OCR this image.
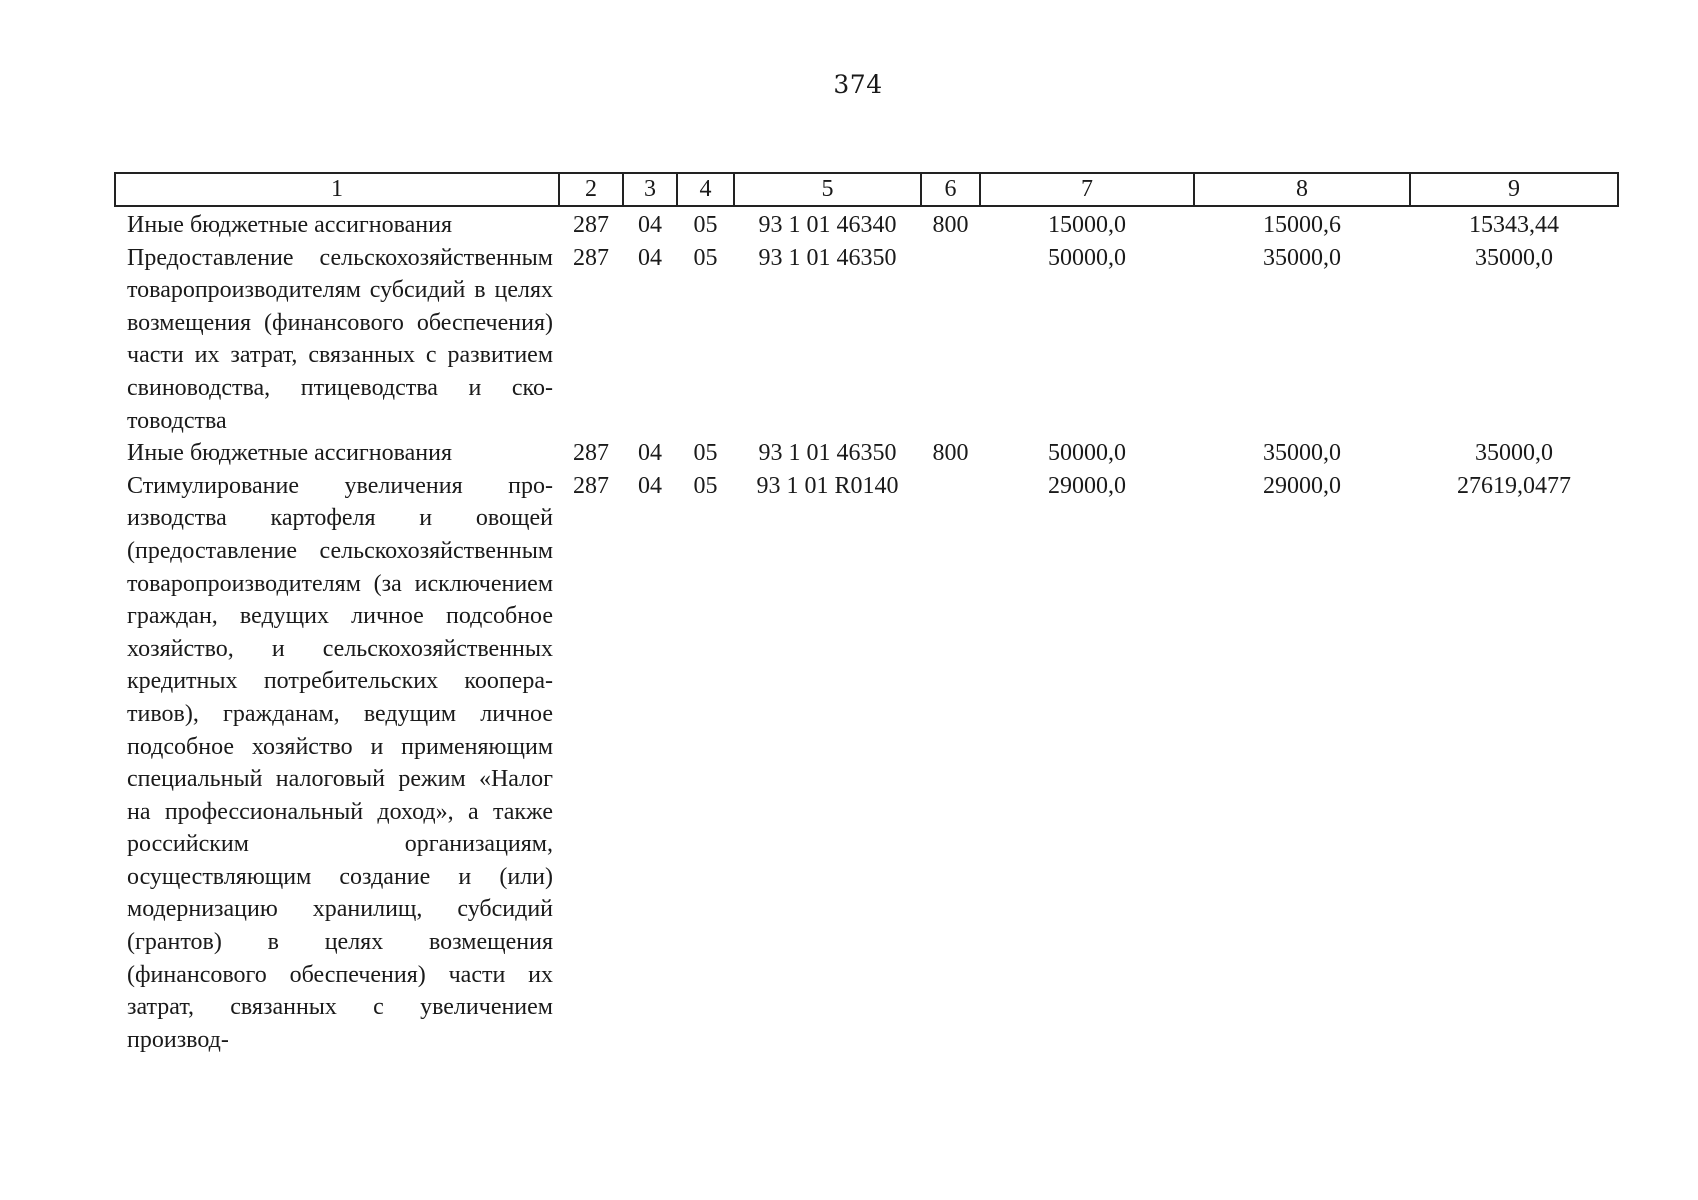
374
1	2	3	4	5	6	7	8	9
Иные бюджетные ассигнования	287	04	05	93 1 01 46340	800	15000,0	15000,6	15343,44
Предоставление сельскохозяйственным товаропроизводителям субсидий в целях возмещения (финансового обеспечения) части их затрат, связанных с развитием свиноводства, птицеводства и скотоводства	287	04	05	93 1 01 46350		50000,0	35000,0	35000,0
Иные бюджетные ассигнования	287	04	05	93 1 01 46350	800	50000,0	35000,0	35000,0
Стимулирование увеличения производства картофеля и овощей (предоставление сельскохозяйственным товаропроизводителям (за исключением граждан, ведущих личное подсобное хозяйство, и сельскохозяйственных кредитных потребительских кооперативов), гражданам, ведущим личное подсобное хозяйство и применяющим специальный налоговый режим «Налог на профессиональный доход», а также российским организациям, осуществляющим создание и (или) модернизацию хранилищ, субсидий (грантов) в целях возмещения (финансового обеспечения) части их затрат, связанных с увеличением производ-	287	04	05	93 1 01 R0140		29000,0	29000,0	27619,0477
